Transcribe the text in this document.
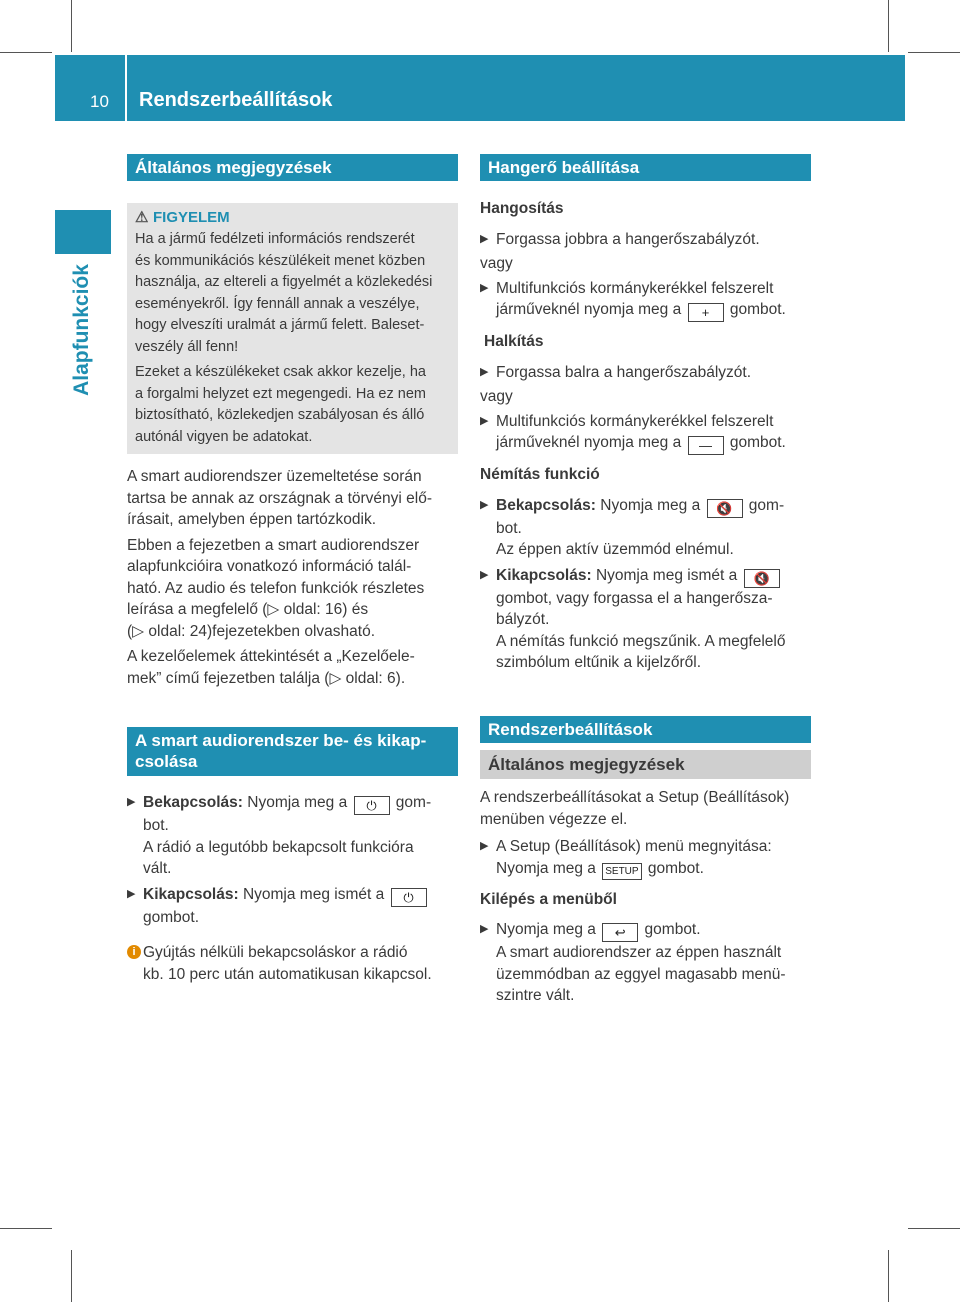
10 Rendszerbeállítások
Alapfunkciók
Általános megjegyzések
⚠ FIGYELEM

Ha a jármű fedélzeti információs rendszerét

és kommunikációs készülékeit menet közben

használja, az eltereli a figyelmét a közlekedési

eseményekről. Így fennáll annak a veszélye,

hogy elveszíti uralmát a jármű felett. Baleset-

veszély áll fenn!

Ezeket a készülékeket csak akkor kezelje, ha

a forgalmi helyzet ezt megengedi. Ha ez nem

biztosítható, közlekedjen szabályosan és álló

autónál vigyen be adatokat.

A smart audiorendszer üzemeltetése során

tartsa be annak az országnak a törvényi elő-

írásait, amelyben éppen tartózkodik.

Ebben a fejezetben a smart audiorendszer

alapfunkcióira vonatkozó információ talál-

ható. Az audio és telefon funkciók részletes

leírása a megfelelő (▷ oldal: 16) és

(▷ oldal: 24)fejezetekben olvasható.

A kezelőelemek áttekintését a „Kezelőele-

mek” című fejezetben találja (▷ oldal: 6).

A smart audiorendszer be- és kikap-
csolása
▶ Bekapcsolás: Nyomja meg a ⏻ gom-

bot.

A rádió a legutóbb bekapcsolt funkcióra

vált.

▶ Kikapcsolás: Nyomja meg ismét a ⏻

gombot.

i Gyújtás nélküli bekapcsoláskor a rádió

kb. 10 perc után automatikusan kikapcsol.

Hangerő beállítása

Hangosítás

▶ Forgassa jobbra a hangerőszabályzót.

vagy

▶ Multifunkciós kormánykerékkel felszerelt

járműveknél nyomja meg a + gombot.

Halkítás

▶ Forgassa balra a hangerőszabályzót.

vagy

▶ Multifunkciós kormánykerékkel felszerelt

járműveknél nyomja meg a — gombot.

Némítás funkció

▶ Bekapcsolás: Nyomja meg a 🔇 gom-

bot.

Az éppen aktív üzemmód elnémul.

▶ Kikapcsolás: Nyomja meg ismét a 🔇

gombot, vagy forgassa el a hangerősza-

bályzót.

A némítás funkció megszűnik. A megfelelő

szimbólum eltűnik a kijelzőről.

Rendszerbeállítások
Általános megjegyzések

A rendszerbeállításokat a Setup (Beállítások)

menüben végezze el.

▶ A Setup (Beállítások) menü megnyitása:

Nyomja meg a SETUP gombot.

Kilépés a menüből

▶ Nyomja meg a ↩ gombot.

A smart audiorendszer az éppen használt

üzemmódban az eggyel magasabb menü-

szintre vált.
